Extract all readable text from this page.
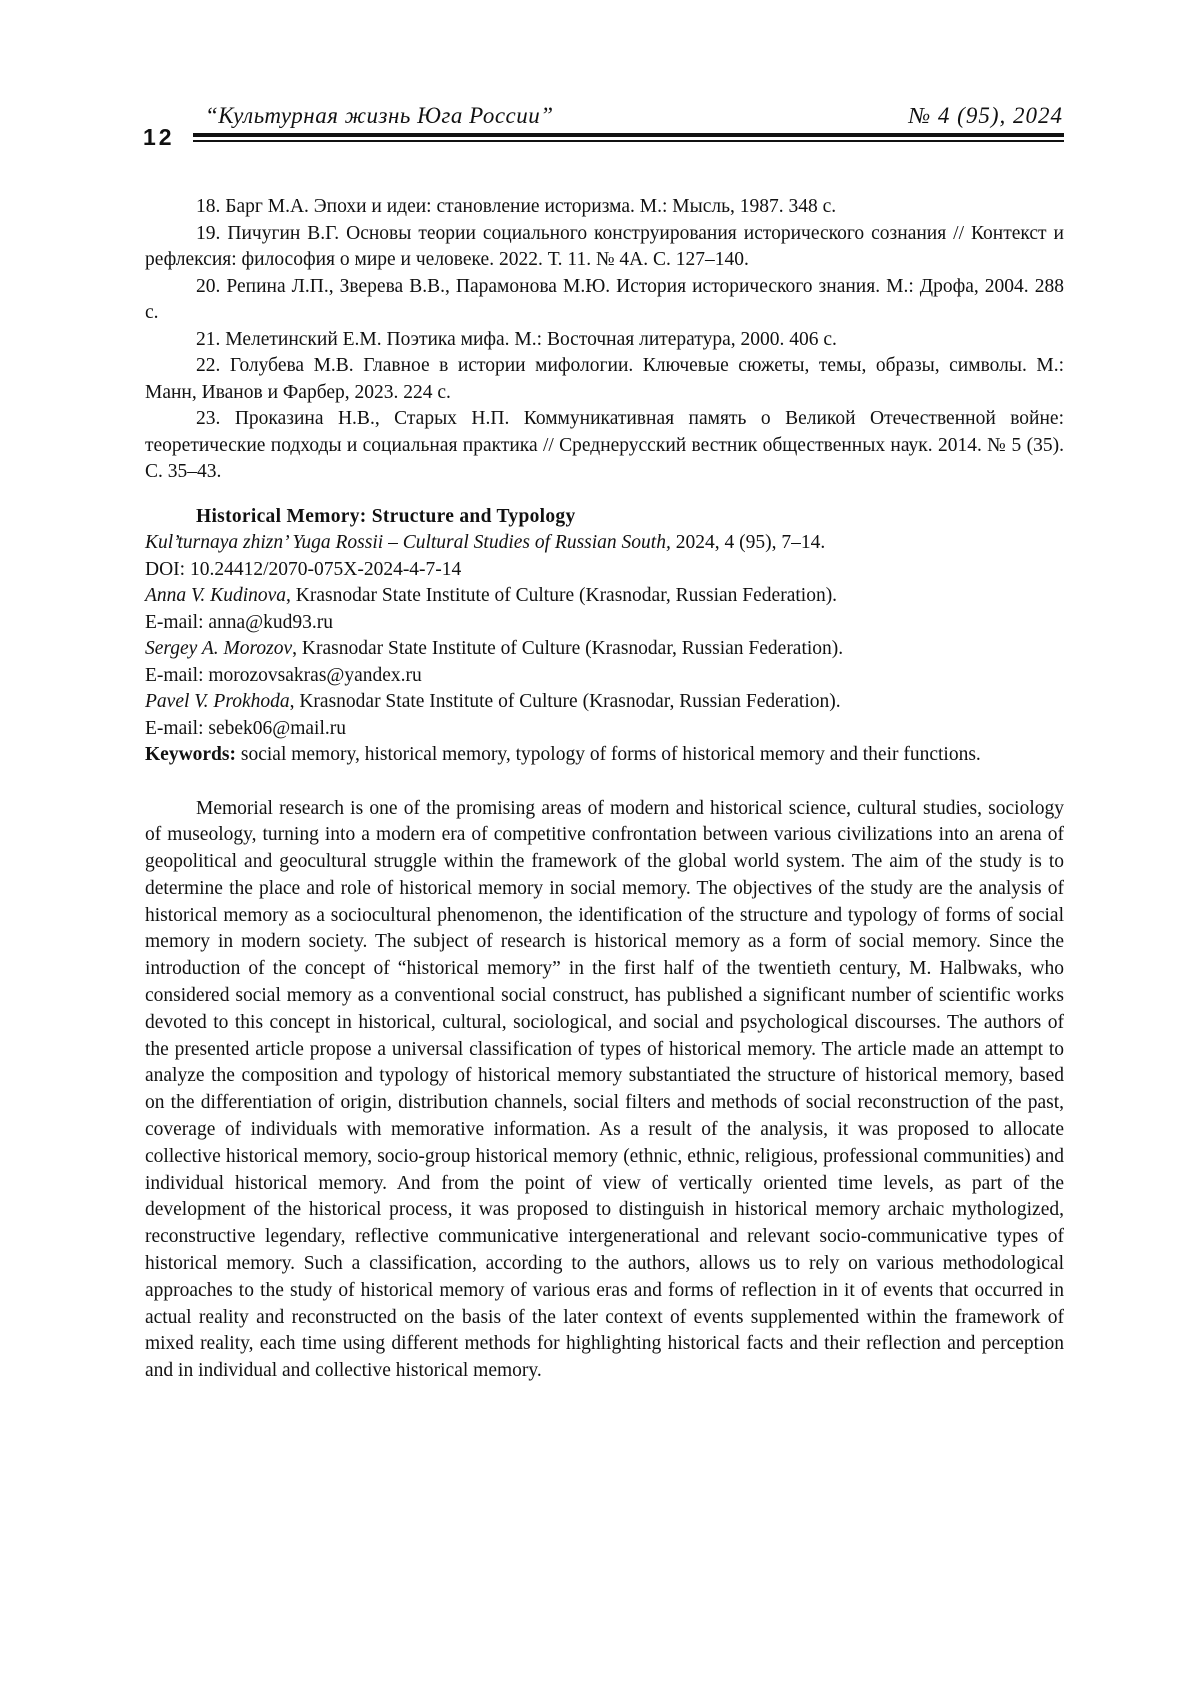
12
“Культурная жизнь Юга России”	№ 4 (95), 2024

18. Барг М.А. Эпохи и идеи: становление историзма. М.: Мысль, 1987. 348 с.

19. Пичугин В.Г. Основы теории социального конструирования исторического сознания // Контекст и рефлексия: философия о мире и человеке. 2022. Т. 11. № 4А. С. 127–140.

20. Репина Л.П., Зверева В.В., Парамонова М.Ю. История исторического знания. М.: Дрофа, 2004. 288 с.

21. Мелетинский Е.М. Поэтика мифа. М.: Восточная литература, 2000. 406 с.

22. Голубева М.В. Главное в истории мифологии. Ключевые сюжеты, темы, образы, символы. М.: Манн, Иванов и Фарбер, 2023. 224 с.

23. Проказина Н.В., Старых Н.П. Коммуникативная память о Великой Отечественной войне: теоретические подходы и социальная практика // Среднерусский вестник общественных наук. 2014. № 5 (35). С. 35–43.

Historical Memory: Structure and Typology
Kul’turnaya zhizn’ Yuga Rossii – Cultural Studies of Russian South, 2024, 4 (95), 7–14.
DOI: 10.24412/2070-075X-2024-4-7-14
Anna V. Kudinova, Krasnodar State Institute of Culture (Krasnodar, Russian Federation).
E-mail: anna@kud93.ru
Sergey A. Morozov, Krasnodar State Institute of Culture (Krasnodar, Russian Federation).
E-mail: morozovsakras@yandex.ru
Pavel V. Prokhoda, Krasnodar State Institute of Culture (Krasnodar, Russian Federation).
E-mail: sebek06@mail.ru
Keywords: social memory, historical memory, typology of forms of historical memory and their functions.

Memorial research is one of the promising areas of modern and historical science, cultural studies, sociology of museology, turning into a modern era of competitive confrontation between various civilizations into an arena of geopolitical and geocultural struggle within the framework of the global world system. The aim of the study is to determine the place and role of historical memory in social memory. The objectives of the study are the analysis of historical memory as a sociocultural phenomenon, the identification of the structure and typology of forms of social memory in modern society. The subject of research is historical memory as a form of social memory. Since the introduction of the concept of “historical memory” in the first half of the twentieth century, M. Halbwaks, who considered social memory as a conventional social construct, has published a significant number of scientific works devoted to this concept in historical, cultural, sociological, and social and psychological discourses. The authors of the presented article propose a universal classification of types of historical memory. The article made an attempt to analyze the composition and typology of historical memory substantiated the structure of historical memory, based on the differentiation of origin, distribution channels, social filters and methods of social reconstruction of the past, coverage of individuals with memorative information. As a result of the analysis, it was proposed to allocate collective historical memory, socio-group historical memory (ethnic, ethnic, religious, professional communities) and individual historical memory. And from the point of view of vertically oriented time levels, as part of the development of the historical process, it was proposed to distinguish in historical memory archaic mythologized, reconstructive legendary, reflective communicative intergenerational and relevant socio-communicative types of historical memory. Such a classification, according to the authors, allows us to rely on various methodological approaches to the study of historical memory of various eras and forms of reflection in it of events that occurred in actual reality and reconstructed on the basis of the later context of events supplemented within the framework of mixed reality, each time using different methods for highlighting historical facts and their reflection and perception and in individual and collective historical memory.
